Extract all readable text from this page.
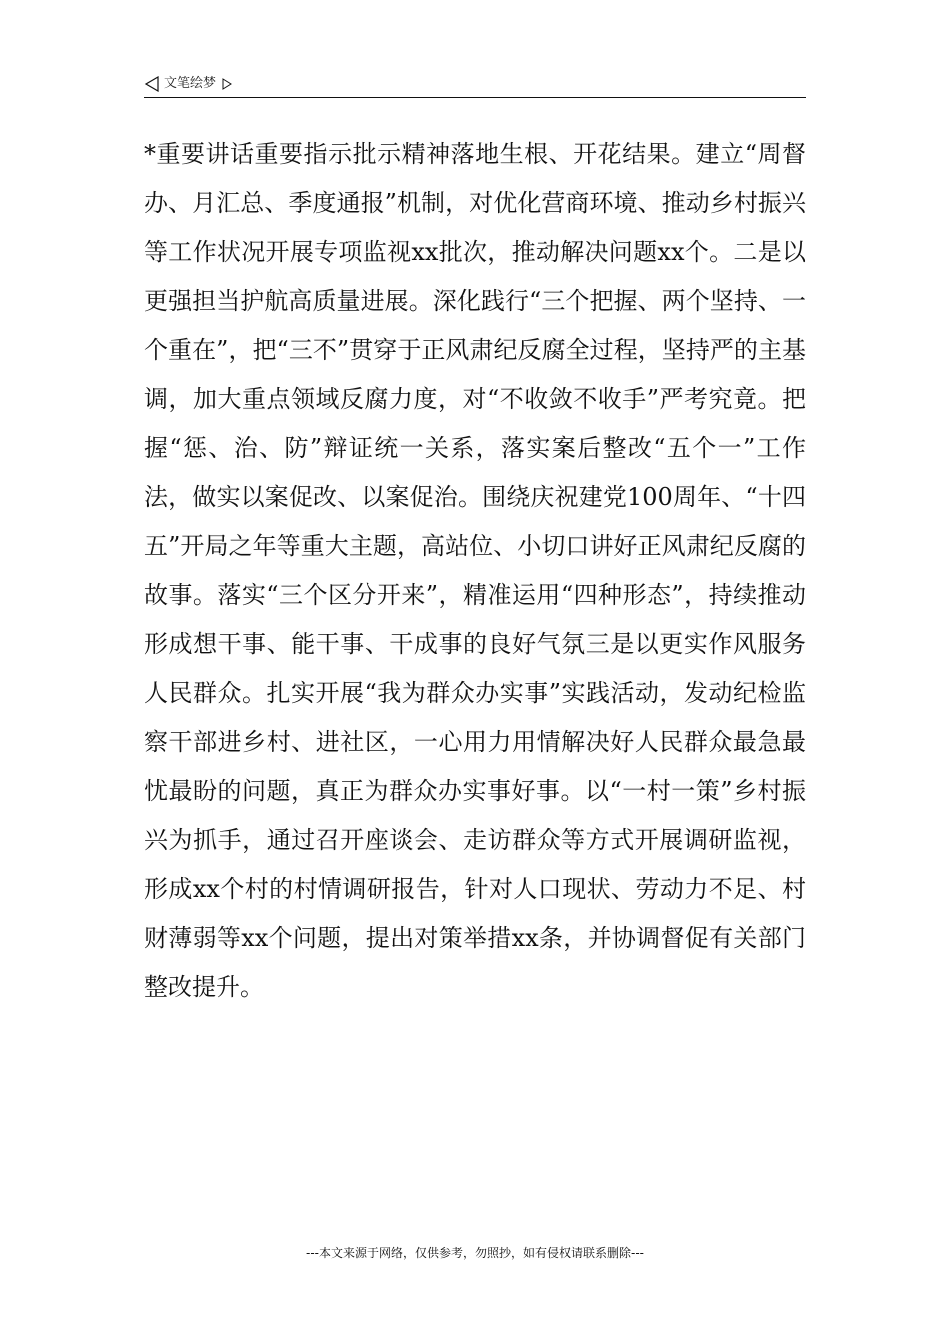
文笔绘梦

*重要讲话重要指示批示精神落地生根、开花结果。建立“周督办、月汇总、季度通报”机制，对优化营商环境、推动乡村振兴等工作状况开展专项监视xx批次，推动解决问题xx个。二是以更强担当护航高质量进展。深化践行“三个把握、两个坚持、一个重在”，把“三不”贯穿于正风肃纪反腐全过程，坚持严的主基调，加大重点领域反腐力度，对“不收敛不收手”严考究竟。把握“惩、治、防”辩证统一关系，落实案后整改“五个一”工作法，做实以案促改、以案促治。围绕庆祝建党100周年、“十四五”开局之年等重大主题，高站位、小切口讲好正风肃纪反腐的故事。落实“三个区分开来”，精准运用“四种形态”，持续推动形成想干事、能干事、干成事的良好气氛三是以更实作风服务人民群众。扎实开展“我为群众办实事”实践活动，发动纪检监察干部进乡村、进社区，一心用力用情解决好人民群众最急最忧最盼的问题，真正为群众办实事好事。以“一村一策”乡村振兴为抓手，通过召开座谈会、走访群众等方式开展调研监视，形成xx个村的村情调研报告，针对人口现状、劳动力不足、村财薄弱等xx个问题，提出对策举措xx条，并协调督促有关部门整改提升。

---本文来源于网络，仅供参考，勿照抄，如有侵权请联系删除---
